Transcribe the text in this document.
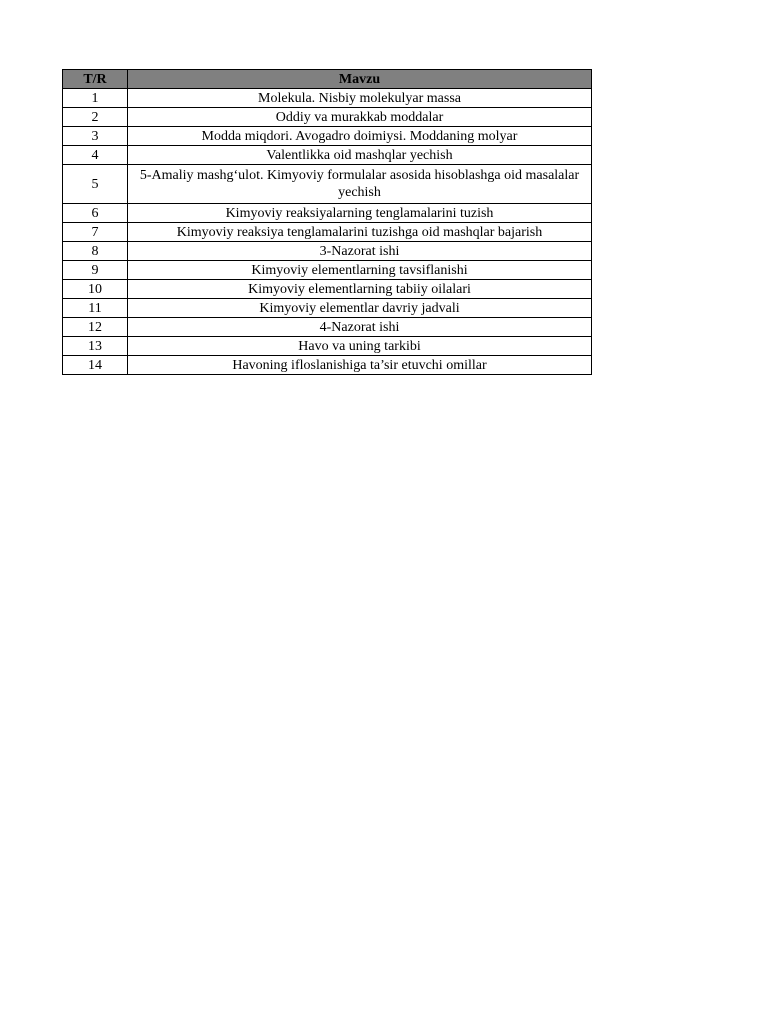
T/R	Mavzu
1	Molekula. Nisbiy molekulyar massa
2	Oddiy va murakkab moddalar
3	Modda miqdori. Avogadro doimiysi. Moddaning molyar
4	Valentlikka oid mashqlar yechish
5	5-Amaliy mashg‘ulot. Kimyoviy formulalar asosida hisoblashga oid masalalar yechish
6	Kimyoviy reaksiyalarning tenglamalarini tuzish
7	Kimyoviy reaksiya tenglamalarini tuzishga oid mashqlar bajarish
8	3-Nazorat ishi
9	Kimyoviy elementlarning tavsiflanishi
10	Kimyoviy elementlarning tabiiy oilalari
11	Kimyoviy elementlar davriy jadvali
12	4-Nazorat ishi
13	Havo va uning tarkibi
14	Havoning ifloslanishiga ta’sir etuvchi omillar
